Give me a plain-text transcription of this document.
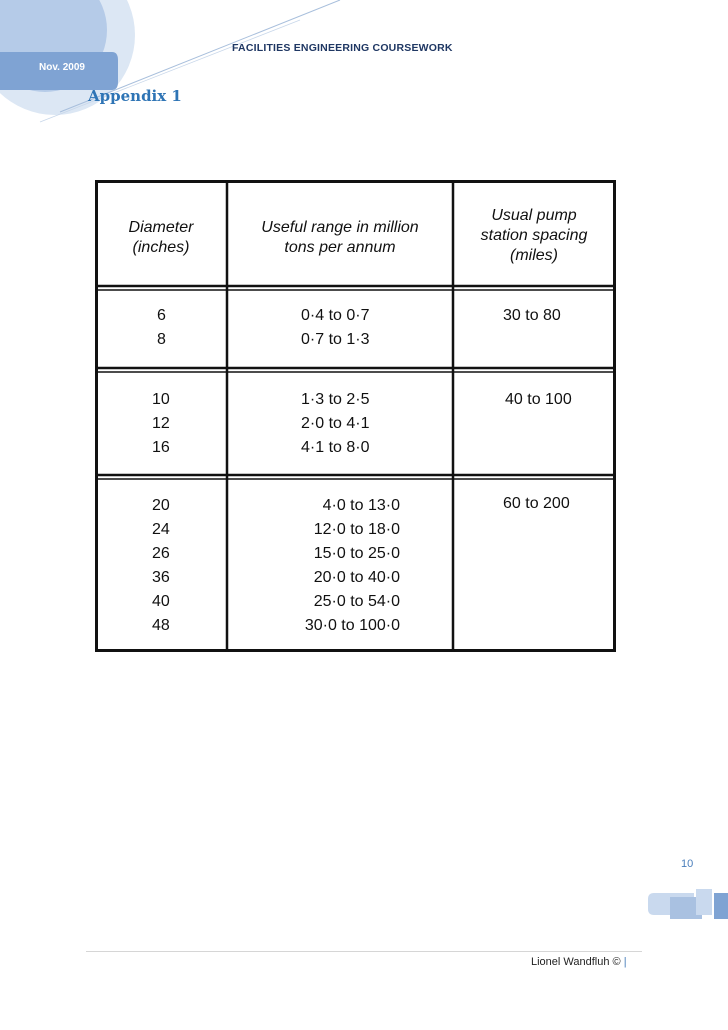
Nov. 2009
FACILITIES ENGINEERING COURSEWORK
Appendix 1
Diameter
(inches)
Useful range in million
tons per annum
Usual pump
station spacing
(miles)
6
8
0·4 to 0·7
0·7 to 1·3
30 to 80
10
12
16
1·3 to 2·5
2·0 to 4·1
4·1 to 8·0
40 to 100
20
24
26
36
40
48
4·0 to 13·0
12·0 to 18·0
15·0 to 25·0
20·0 to 40·0
25·0 to 54·0
30·0 to 100·0
60 to 200
10
Lionel Wandfluh © |
